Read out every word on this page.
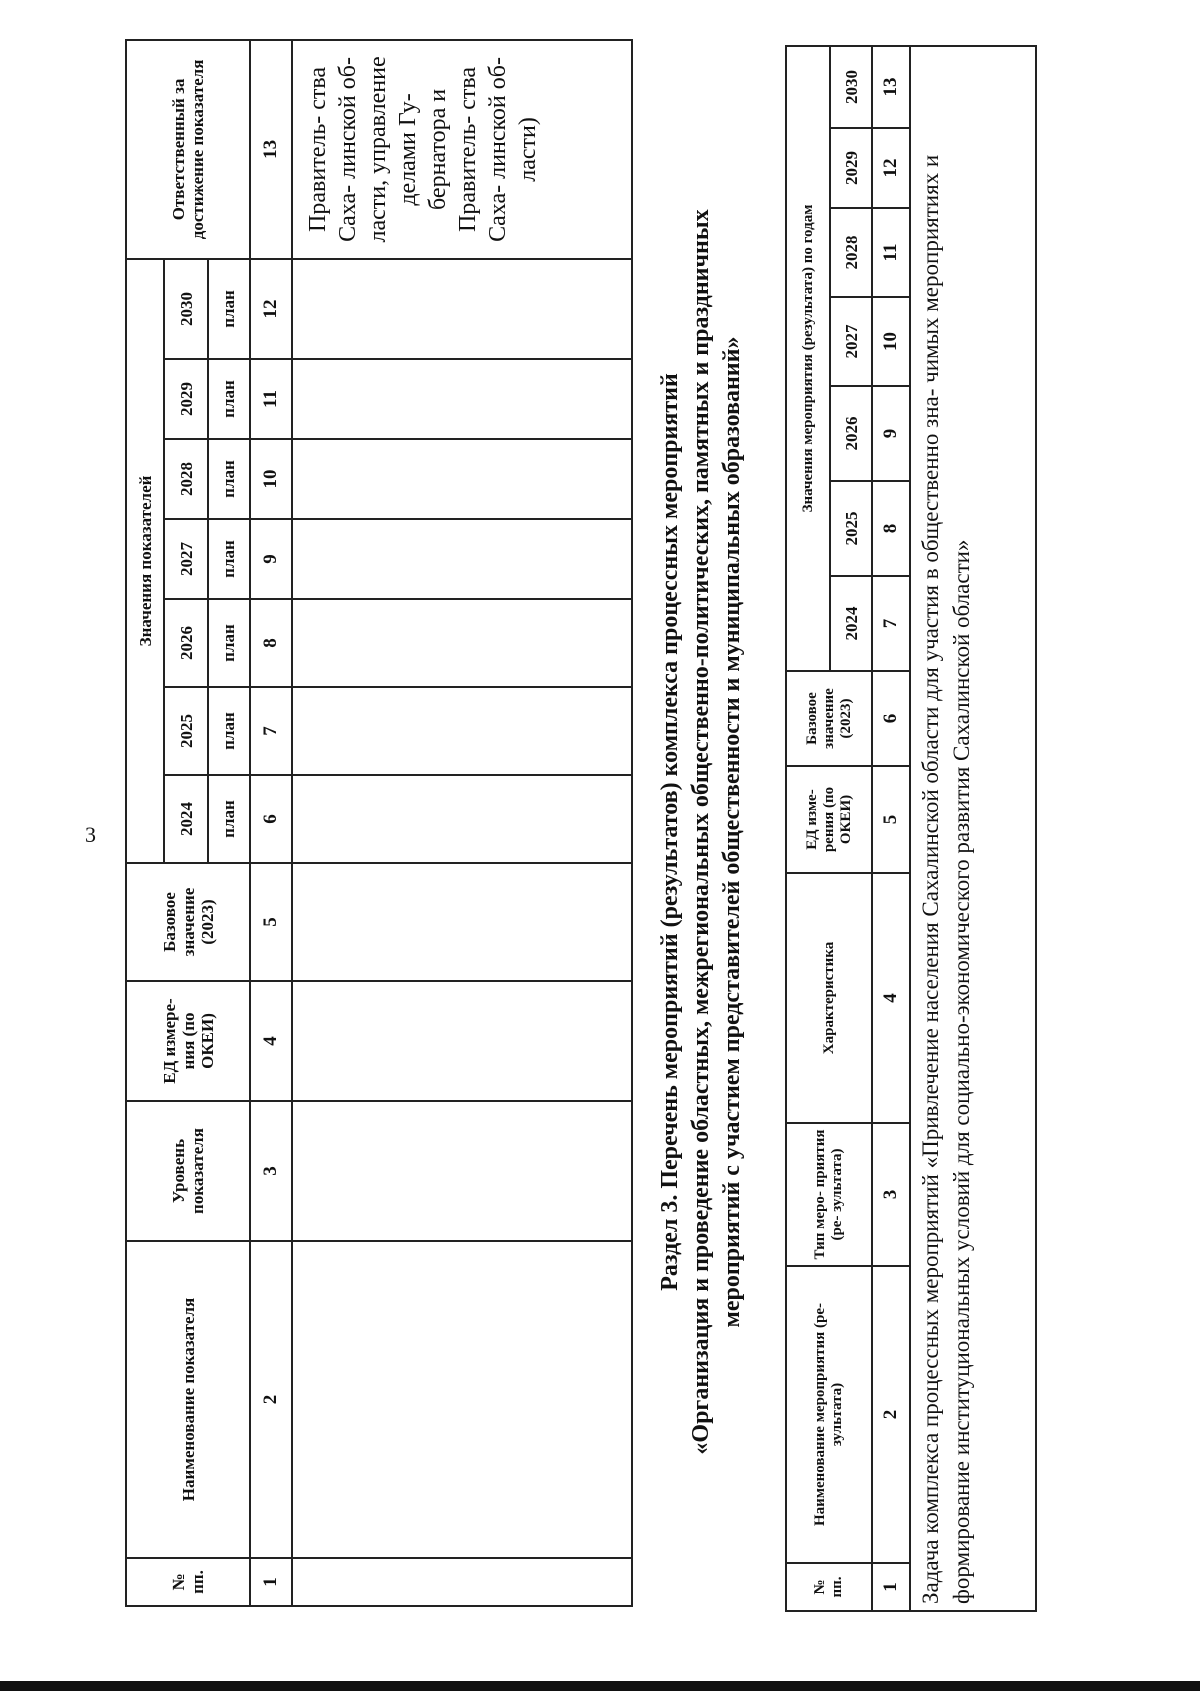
3
№ пп.	Наименование показателя	Уровень показателя	ЕД измере- ния (по ОКЕИ)	Базовое значение (2023)	Значения показателей							Ответственный за достижение показателя
					2024	2025	2026	2027	2028	2029	2030	
					план	план	план	план	план	план	план	
1	2	3	4	5	6	7	8	9	10	11	12	13
												Правитель- ства Саха- линской об- ласти, управление делами Гу- бернатора и Правитель- ства Саха- линской об- ласти)
Раздел 3. Перечень мероприятий (результатов) комплекса процессных мероприятий «Организация и проведение областных, межрегиональных общественно-политических, памятных и праздничных мероприятий с участием представителей общественности и муниципальных образований»
№ пп.	Наименование мероприятия (ре- зультата)	Тип меро- приятия (ре- зультата)	Характеристика	ЕД изме- рения (по ОКЕИ)	Базовое значение (2023)	Значения мероприятия (результата) по годам						
						2024	2025	2026	2027	2028	2029	2030
1	2	3	4	5	6	7	8	9	10	11	12	13
Задача комплекса процессных мероприятий «Привлечение населения Сахалинской области для участия в общественно зна- чимых мероприятиях и формирование институциональных условий для социально-экономического развития Сахалинской области»												
